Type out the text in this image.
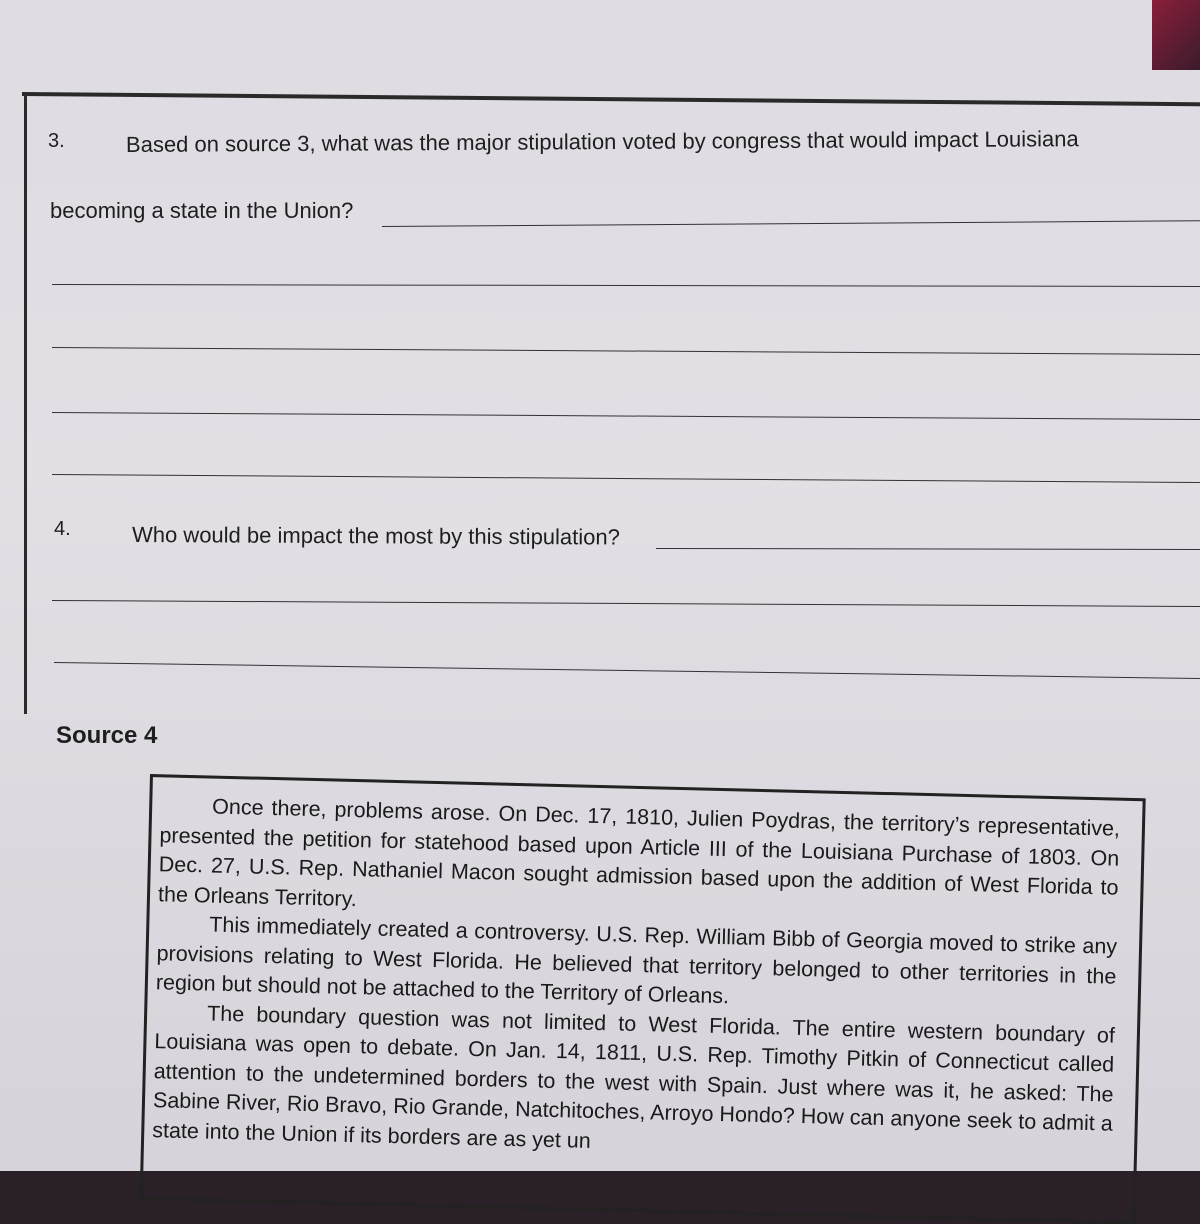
3.	Based on source 3, what was the major stipulation voted by congress that would impact Louisiana
becoming a state in the Union?
4.	Who would be impact the most by this stipulation?
Source 4

Once there, problems arose. On Dec. 17, 1810, Julien Poydras, the territory’s representative, presented the petition for statehood based upon Article III of the Louisiana Purchase of 1803. On Dec. 27, U.S. Rep. Nathaniel Macon sought admission based upon the addition of West Florida to the Orleans Territory.

This immediately created a controversy. U.S. Rep. William Bibb of Georgia moved to strike any provisions relating to West Florida. He believed that territory belonged to other territories in the region but should not be attached to the Territory of Orleans.

The boundary question was not limited to West Florida. The entire western boundary of Louisiana was open to debate. On Jan. 14, 1811, U.S. Rep. Timothy Pitkin of Connecticut called attention to the undetermined borders to the west with Spain. Just where was it, he asked: The Sabine River, Rio Bravo, Rio Grande, Natchitoches, Arroyo Hondo? How can anyone seek to admit a state into the Union if its borders are as yet un
